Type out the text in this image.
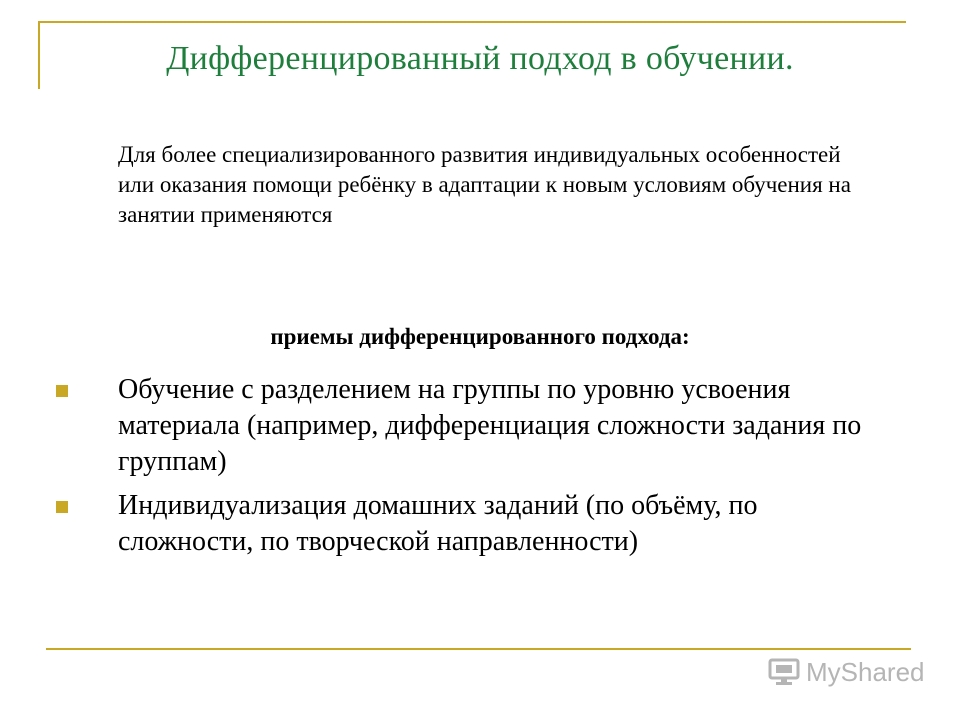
Дифференцированный подход в обучении.
Для более специализированного развития индивидуальных особенностей или оказания помощи ребёнку в адаптации к новым условиям обучения на занятии применяются
приемы дифференцированного подхода:
Обучение с разделением на группы по уровню усвоения материала (например, дифференциация сложности задания по группам)
Индивидуализация домашних заданий (по объёму, по сложности, по творческой направленности)
MyShared
